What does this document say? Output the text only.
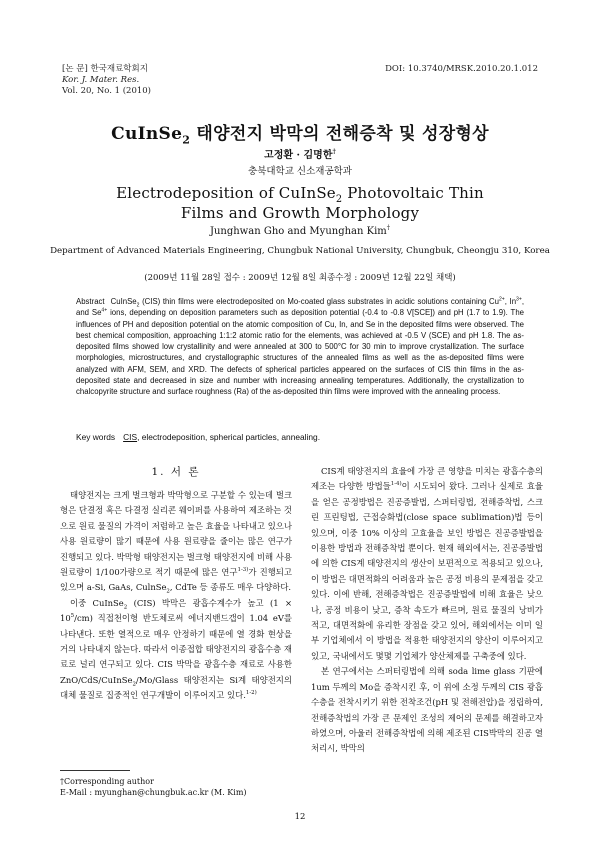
[논 문] 한국재료학회지
Kor. J. Mater. Res.
Vol. 20, No. 1 (2010)
DOI: 10.3740/MRSK.2010.20.1.012
CuInSe$_2$ 태양전지 박막의 전해증착 및 성장형상
고정환 · 김명한†
충북대학교 신소재공학과
Electrodeposition of CuInSe$_2$ Photovoltaic Thin
Films and Growth Morphology
Junghwan Gho and Myunghan Kim†
Department of Advanced Materials Engineering, Chungbuk National University, Chungbuk, Cheongju 310, Korea
(2009년 11월 28일 접수 : 2009년 12월 8일 최종수정 : 2009년 12월 22일 채택)
Abstract CuInSe$_2$ (CIS) thin films were electrodeposited on Mo-coated glass substrates in acidic solutions containing $Cu^{2+}$, $In^{3+}$, and $Se^{4+}$ ions, depending on deposition parameters such as deposition potential (-0.4 to -0.8 V[SCE]) and pH (1.7 to 1.9). The influences of PH and deposition potential on the atomic composition of Cu, In, and Se in the deposited films were observed. The best chemical composition, approaching 1:1:2 atomic ratio for the elements, was achieved at -0.5 V (SCE) and pH 1.8. The as-deposited films showed low crystallinity and were annealed at 300 to 500°C for 30 min to improve crystallization. The surface morphologies, microstructures, and crystallographic structures of the annealed films as well as the as-deposited films were analyzed with AFM, SEM, and XRD. The defects of spherical particles appeared on the surfaces of CIS thin films in the as-deposited state and decreased in size and number with increasing annealing temperatures. Additionally, the crystallization to chalcopyrite structure and surface roughness (Ra) of the as-deposited thin films were improved with the annealing process.
Key words CIS, electrodeposition, spherical particles, annealing.
1. 서 론

태양전지는 크게 벌크형과 박막형으로 구분할 수 있는데 벌크형은 단결정 혹은 다결정 실리콘 웨이퍼를 사용하여 제조하는 것으로 원료 물질의 가격이 저렴하고 높은 효율을 나타내고 있으나 사용 원료량이 많기 때문에 사용 원료량을 줄이는 많은 연구가 진행되고 있다. 박막형 태양전지는 벌크형 태양전지에 비해 사용 원료량이 1/100가량으로 적기 때문에 많은 연구$^{1-3)}$가 진행되고 있으며 a-Si, GaAs, CulnSe$_2$, CdTe 등 종류도 매우 다양하다.

이중 CuInSe$_2$ (CIS) 박막은 광흡수계수가 높고 $(1 \times 10^5/cm)$ 직접천이형 반도체로써 에너지밴드갭이 1.04 eV를 나타낸다. 또한 열적으로 매우 안정하기 때문에 열 경화 현상을 거의 나타내지 않는다. 따라서 이종접합 태양전지의 광흡수층 재료로 널리 연구되고 있다. CIS 박막을 광흡수층 재료로 사용한 ZnO/CdS/CuInSe$_2$/Mo/Glass 태양전지는 Si계 태양전지의 대체 물질로 집중적인 연구개발이 이루어지고 있다.$^{1-2)}$

CIS계 태양전지의 효율에 가장 큰 영향을 미치는 광흡수층의 제조는 다양한 방법들$^{1-4)}$이 시도되어 왔다. 그러나 실제로 효율을 얻은 공정방법은 진공증발법, 스퍼터링법, 전해증착법, 스크린 프린팅법, 근접승화법(close space sublimation)법 등이 있으며, 이중 10% 이상의 고효율을 보인 방법은 진공증발법을 이용한 방법과 전해증착법 뿐이다. 현재 해외에서는, 진공증발법에 의한 CIS계 태양전지의 생산이 보편적으로 적용되고 있으나, 이 방법은 대면적화의 어려움과 높은 공정 비용의 문제점을 갖고 있다. 이에 반해, 전해증착법은 진공증발법에 비해 효율은 낮으나, 공정 비용이 낮고, 증착 속도가 빠르며, 원료 물질의 낭비가 적고, 대면적화에 유리한 장점을 갖고 있어, 해외에서는 이미 일부 기업체에서 이 방법을 적용한 태양전지의 양산이 이루어지고 있고, 국내에서도 몇몇 기업체가 양산체제를 구축중에 있다.

본 연구에서는 스퍼터링법에 의해 soda lime glass 기판에 1um 두께의 Mo을 증착시킨 후, 이 위에 소정 두께의 CIS 광흡수층을 전착시키기 위한 전착조건(pH 및 전해전압)을 정립하여, 전해증착법의 가장 큰 문제인 조성의 제어의 문제를 해결하고자 하였으며, 아울러 전해증착법에 의해 제조된 CIS박막의 진공 열처리시, 박막의

†Corresponding author
E-Mail : myunghan@chungbuk.ac.kr (M. Kim)
12
